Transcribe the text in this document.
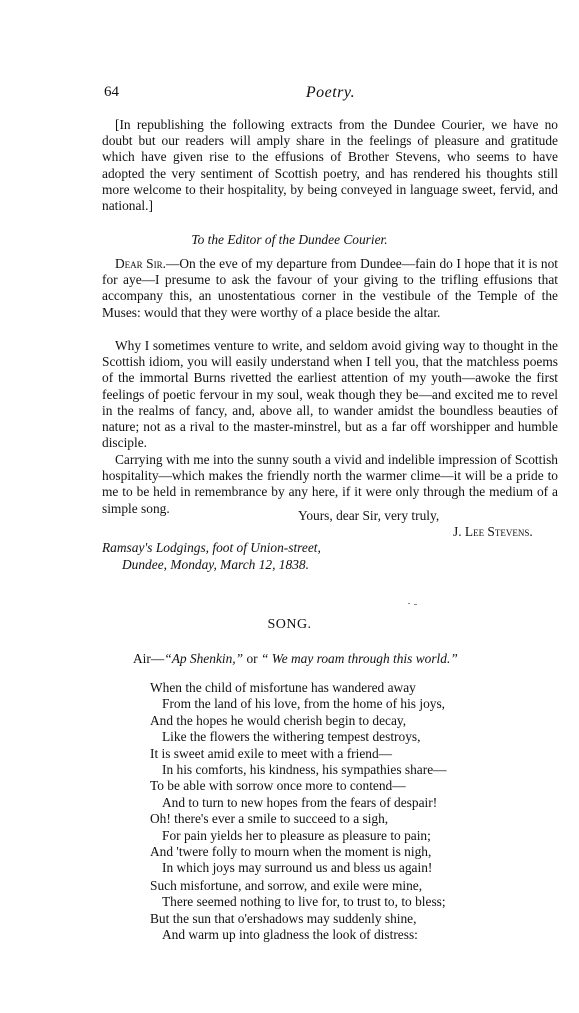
64	Poetry.

[In republishing the following extracts from the Dundee Courier, we have no doubt but our readers will amply share in the feelings of pleasure and gratitude which have given rise to the effusions of Brother Stevens, who seems to have adopted the very sentiment of Scottish poetry, and has rendered his thoughts still more welcome to their hospitality, by being conveyed in language sweet, fervid, and national.]

To the Editor of the Dundee Courier.

Dear Sir.—On the eve of my departure from Dundee—fain do I hope that it is not for aye—I presume to ask the favour of your giving to the trifling effusions that accompany this, an unostentatious corner in the vestibule of the Temple of the Muses: would that they were worthy of a place beside the altar.

Why I sometimes venture to write, and seldom avoid giving way to thought in the Scottish idiom, you will easily understand when I tell you, that the matchless poems of the immortal Burns rivetted the earliest attention of my youth—awoke the first feelings of poetic fervour in my soul, weak though they be—and excited me to revel in the realms of fancy, and, above all, to wander amidst the boundless beauties of nature; not as a rival to the master-minstrel, but as a far off worshipper and humble disciple.

Carrying with me into the sunny south a vivid and indelible impression of Scottish hospitality—which makes the friendly north the warmer clime—it will be a pride to me to be held in remembrance by any here, if it were only through the medium of a simple song.	Yours, dear Sir, very truly,
J. Lee Stevens.
Ramsay's Lodgings, foot of Union-street,
Dundee, Monday, March 12, 1838.
SONG.
Air—“Ap Shenkin,” or “ We may roam through this world.”
When the child of misfortune has wandered away
From the land of his love, from the home of his joys,
And the hopes he would cherish begin to decay,
Like the flowers the withering tempest destroys,
It is sweet amid exile to meet with a friend—
In his comforts, his kindness, his sympathies share—
To be able with sorrow once more to contend—
And to turn to new hopes from the fears of despair!
Oh! there's ever a smile to succeed to a sigh,
For pain yields her to pleasure as pleasure to pain;
And 'twere folly to mourn when the moment is nigh,
In which joys may surround us and bless us again!
Such misfortune, and sorrow, and exile were mine,
There seemed nothing to live for, to trust to, to bless;
But the sun that o'ershadows may suddenly shine,
And warm up into gladness the look of distress:
